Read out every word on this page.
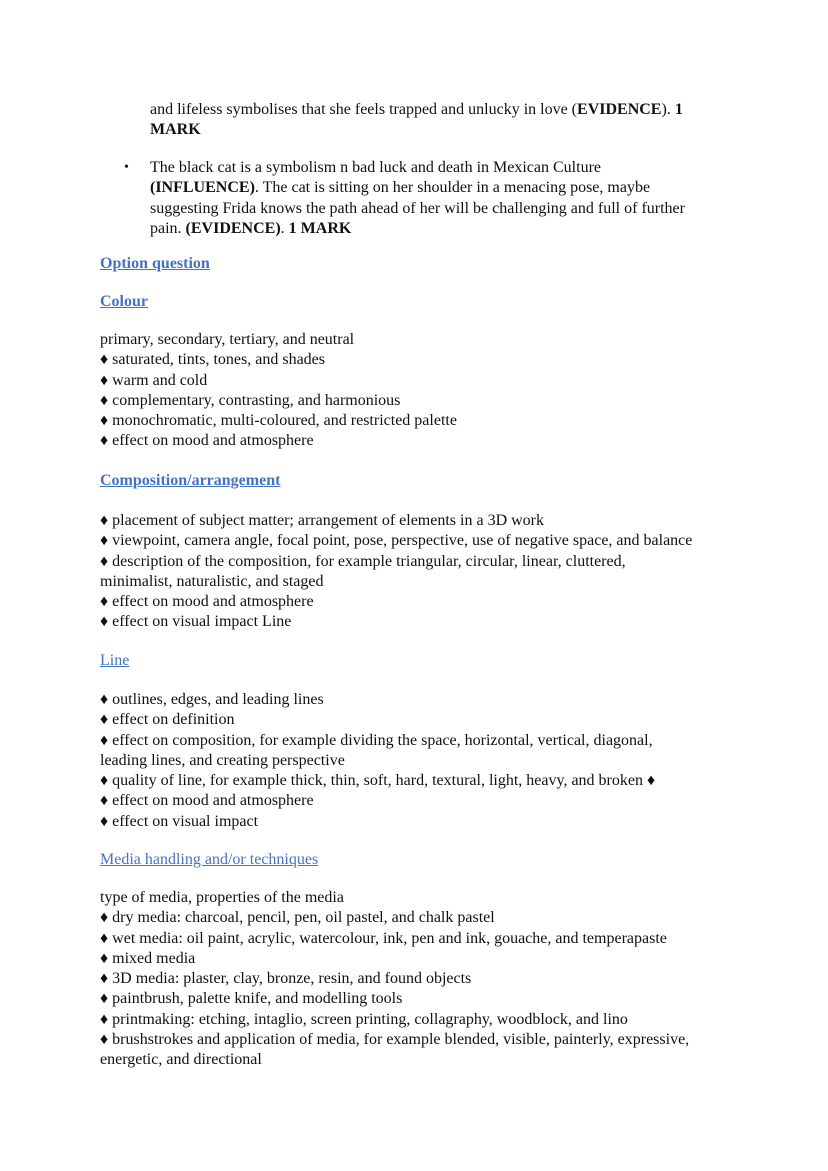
and lifeless symbolises that she feels trapped and unlucky in love (EVIDENCE). 1
MARK
• The black cat is a symbolism n bad luck and death in Mexican Culture
(INFLUENCE). The cat is sitting on her shoulder in a menacing pose, maybe
suggesting Frida knows the path ahead of her will be challenging and full of further
pain. (EVIDENCE). 1 MARK
Option question
Colour
primary, secondary, tertiary, and neutral
♦ saturated, tints, tones, and shades
♦ warm and cold
♦ complementary, contrasting, and harmonious
♦ monochromatic, multi-coloured, and restricted palette
♦ effect on mood and atmosphere
Composition/arrangement
♦ placement of subject matter; arrangement of elements in a 3D work
♦ viewpoint, camera angle, focal point, pose, perspective, use of negative space, and balance
♦ description of the composition, for example triangular, circular, linear, cluttered,
minimalist, naturalistic, and staged
♦ effect on mood and atmosphere
♦ effect on visual impact Line
Line
♦ outlines, edges, and leading lines
♦ effect on definition
♦ effect on composition, for example dividing the space, horizontal, vertical, diagonal,
leading lines, and creating perspective
♦ quality of line, for example thick, thin, soft, hard, textural, light, heavy, and broken ♦
♦ effect on mood and atmosphere
♦ effect on visual impact
Media handling and/or techniques
type of media, properties of the media
♦ dry media: charcoal, pencil, pen, oil pastel, and chalk pastel
♦ wet media: oil paint, acrylic, watercolour, ink, pen and ink, gouache, and temperapaste
♦ mixed media
♦ 3D media: plaster, clay, bronze, resin, and found objects
♦ paintbrush, palette knife, and modelling tools
♦ printmaking: etching, intaglio, screen printing, collagraphy, woodblock, and lino
♦ brushstrokes and application of media, for example blended, visible, painterly, expressive,
energetic, and directional
